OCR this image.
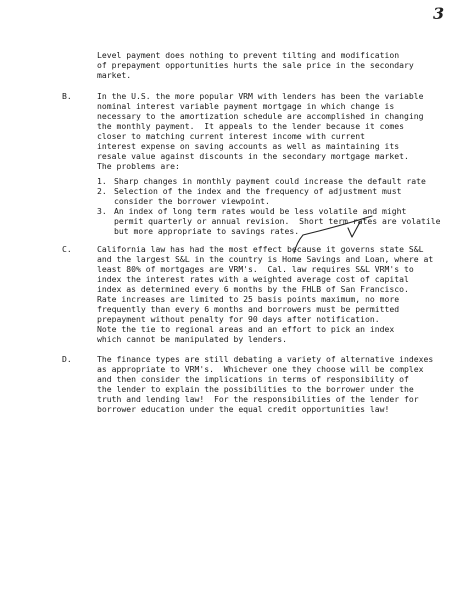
3
Level payment does nothing to prevent tilting and modification
of prepayment opportunities hurts the sale price in the secondary
market.
B.	In the U.S. the more popular VRM with lenders has been the variable
nominal interest variable payment mortgage in which change is
necessary to the amortization schedule are accomplished in changing
the monthly payment.  It appeals to the lender because it comes
closer to matching current interest income with current
interest expense on saving accounts as well as maintaining its
resale value against discounts in the secondary mortgage market.
The problems are:
1. Sharp changes in monthly payment could increase the default rate
2. Selection of the index and the frequency of adjustment must
consider the borrower viewpoint.
3. An index of long term rates would be less volatile and might
permit quarterly or annual revision.  Short term rates are volatile
but more appropriate to savings rates.
C.	California law has had the most effect because it governs state S&L
and the largest S&L in the country is Home Savings and Loan, where at
least 80% of mortgages are VRM's.  Cal. law requires S&L VRM's to
index the interest rates with a weighted average cost of capital
index as determined every 6 months by the FHLB of San Francisco.
Rate increases are limited to 25 basis points maximum, no more
frequently than every 6 months and borrowers must be permitted
prepayment without penalty for 90 days after notification.
Note the tie to regional areas and an effort to pick an index
which cannot be manipulated by lenders.
D.	The finance types are still debating a variety of alternative indexes
as appropriate to VRM's.  Whichever one they choose will be complex
and then consider the implications in terms of responsibility of
the lender to explain the possibilities to the borrower under the
truth and lending law!  For the responsibilities of the lender for
borrower education under the equal credit opportunities law!
